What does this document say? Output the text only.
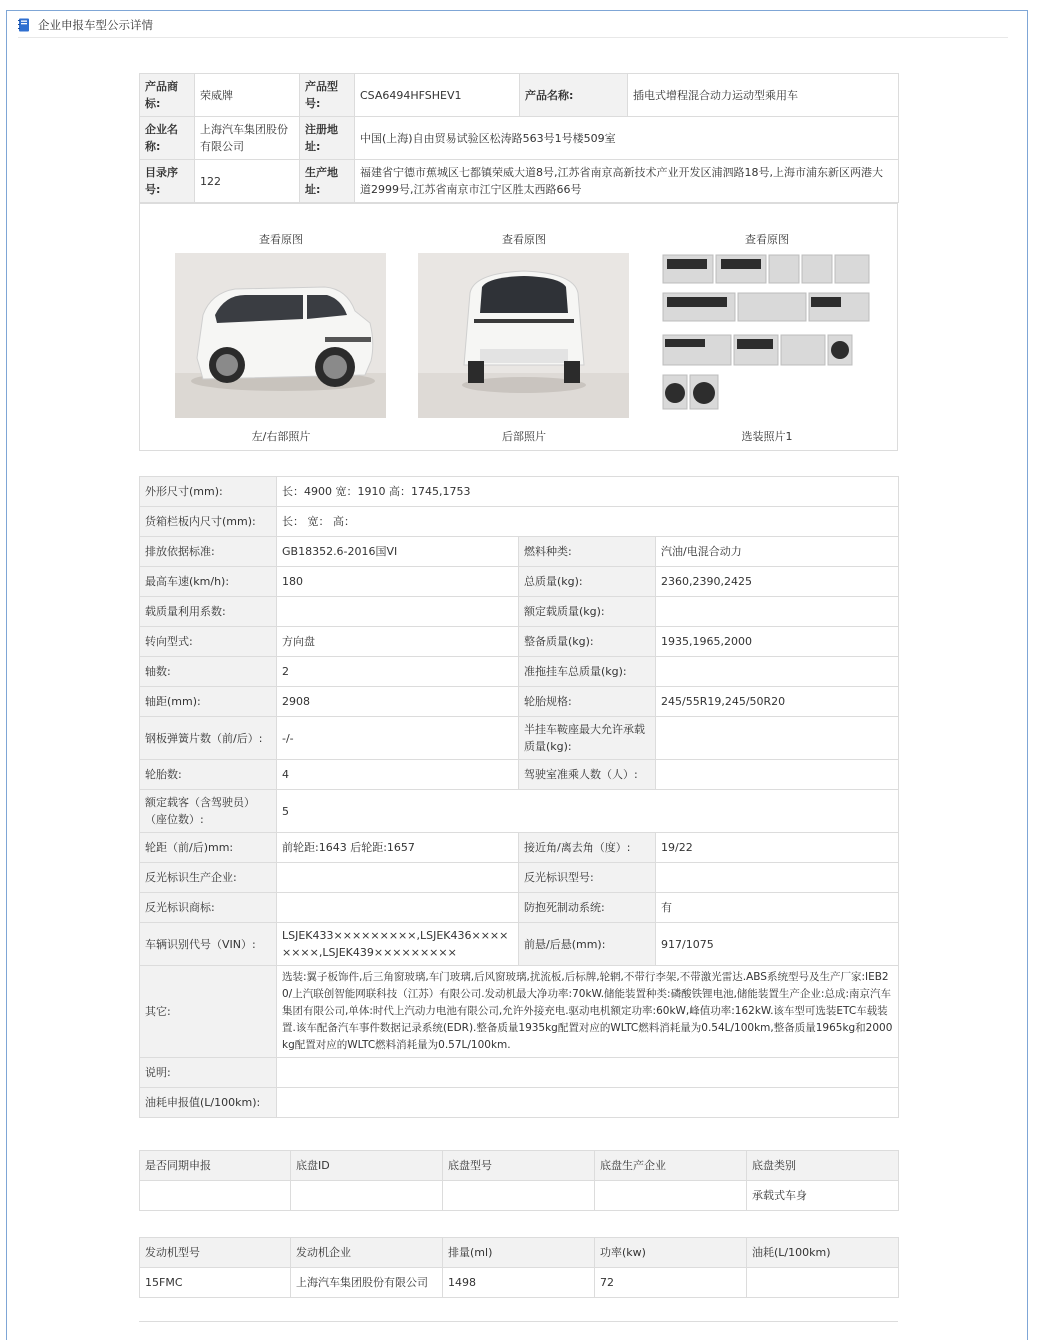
企业申报车型公示详情
产品商标:	荣威牌	产品型号:	CSA6494HFSHEV1	产品名称:	插电式增程混合动力运动型乘用车
企业名称:	上海汽车集团股份有限公司	注册地址:	中国(上海)自由贸易试验区松涛路563号1号楼509室		
目录序号:	122	生产地址:	福建省宁德市蕉城区七都镇荣威大道8号,江苏省南京高新技术产业开发区浦泗路18号,上海市浦东新区两港大道2999号,江苏省南京市江宁区胜太西路66号		
查看原图
左/右部照片
查看原图
后部照片
查看原图
选装照片1
外形尺寸(mm):	长：4900 宽：1910 高：1745,1753		
货箱栏板内尺寸(mm):	长： 宽： 高：		
排放依据标准:	GB18352.6-2016国VI	燃料种类:	汽油/电混合动力
最高车速(km/h):	180	总质量(kg):	2360,2390,2425
载质量利用系数:		额定载质量(kg):	
转向型式:	方向盘	整备质量(kg):	1935,1965,2000
轴数:	2	准拖挂车总质量(kg):	
轴距(mm):	2908	轮胎规格:	245/55R19,245/50R20
钢板弹簧片数（前/后）:	-/-	半挂车鞍座最大允许承载质量(kg):	
轮胎数:	4	驾驶室准乘人数（人）:	
额定载客（含驾驶员）（座位数）:	5		
轮距（前/后)mm:	前轮距:1643 后轮距:1657	接近角/离去角（度）:	19/22
反光标识生产企业:		反光标识型号:	
反光标识商标:		防抱死制动系统:	有
车辆识别代号（VIN）:	LSJEK433×××××××××,LSJEK436××××××××,LSJEK439×××××××××	前悬/后悬(mm):	917/1075
其它:	选装:翼子板饰件,后三角窗玻璃,车门玻璃,后风窗玻璃,扰流板,后标牌,轮辋,不带行李架,不带激光雷达.ABS系统型号及生产厂家:IEB20/上汽联创智能网联科技（江苏）有限公司.发动机最大净功率:70kW.储能装置种类:磷酸铁锂电池,储能装置生产企业:总成:南京汽车集团有限公司,单体:时代上汽动力电池有限公司,允许外接充电.驱动电机额定功率:60kW,峰值功率:162kW.该车型可选装ETC车载装置.该车配备汽车事件数据记录系统(EDR).整备质量1935kg配置对应的WLTC燃料消耗量为0.54L/100km,整备质量1965kg和2000kg配置对应的WLTC燃料消耗量为0.57L/100km.		
说明:			
油耗申报值(L/100km):			
是否同期申报	底盘ID	底盘型号	底盘生产企业	底盘类别
				承载式车身
发动机型号	发动机企业	排量(ml)	功率(kw)	油耗(L/100km)
15FMC	上海汽车集团股份有限公司	1498	72	
